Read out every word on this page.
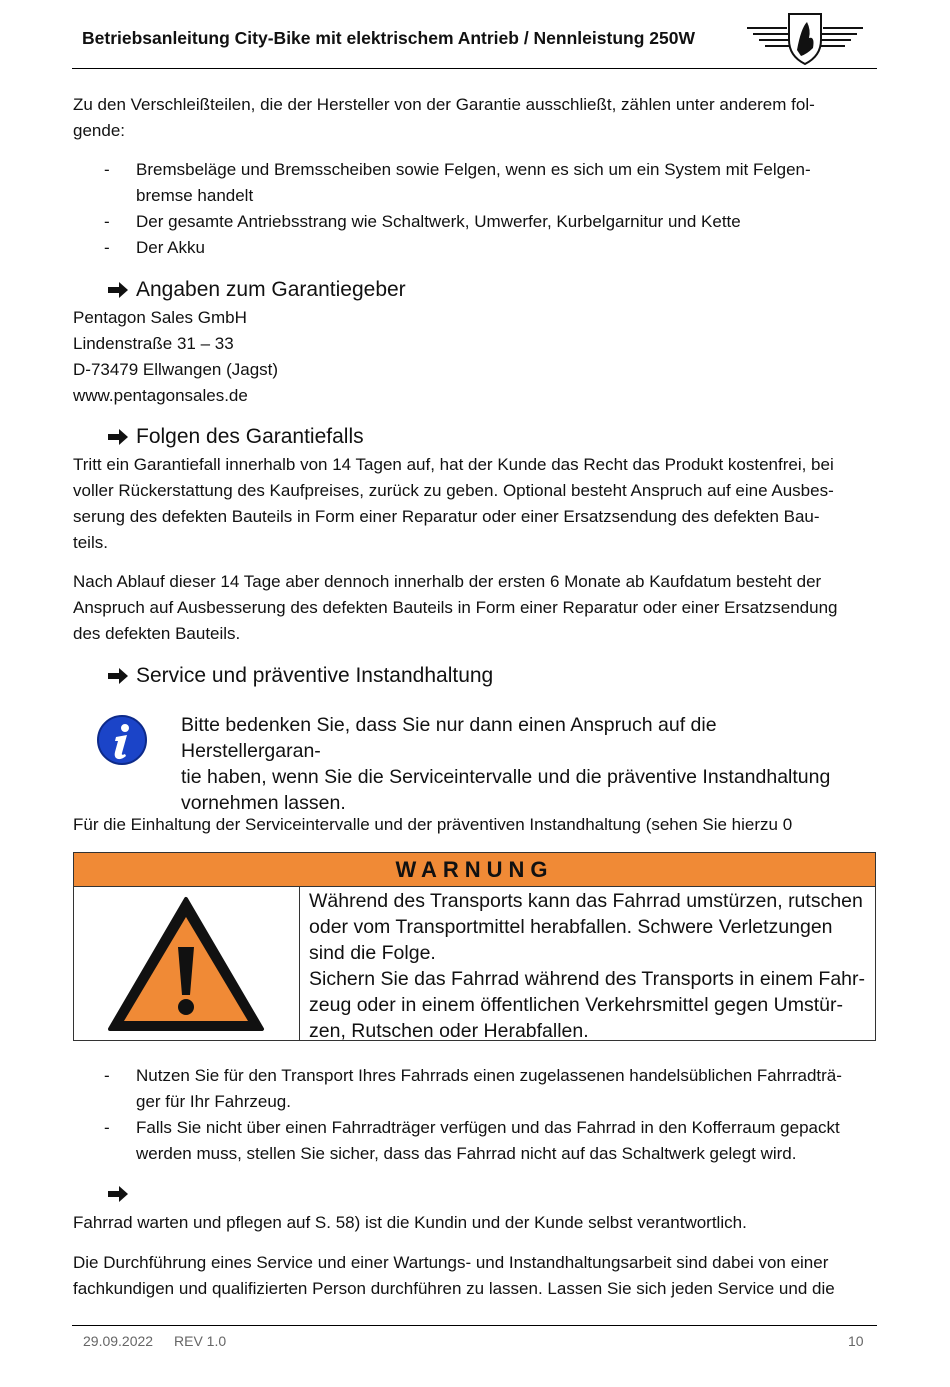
Betriebsanleitung City-Bike mit elektrischem Antrieb / Nennleistung 250W
Zu den Verschleißteilen, die der Hersteller von der Garantie ausschließt, zählen unter anderem fol-
gende:
- Bremsbeläge und Bremsscheiben sowie Felgen, wenn es sich um ein System mit Felgen-
bremse handelt
- Der gesamte Antriebsstrang wie Schaltwerk, Umwerfer, Kurbelgarnitur und Kette
- Der Akku
Angaben zum Garantiegeber
Pentagon Sales GmbH
Lindenstraße 31 – 33
D-73479 Ellwangen (Jagst)
www.pentagonsales.de
Folgen des Garantiefalls
Tritt ein Garantiefall innerhalb von 14 Tagen auf, hat der Kunde das Recht das Produkt kostenfrei, bei
voller Rückerstattung des Kaufpreises, zurück zu geben. Optional besteht Anspruch auf eine Ausbes-
serung des defekten Bauteils in Form einer Reparatur oder einer Ersatzsendung des defekten Bau-
teils.
Nach Ablauf dieser 14 Tage aber dennoch innerhalb der ersten 6 Monate ab Kaufdatum besteht der
Anspruch auf Ausbesserung des defekten Bauteils in Form einer Reparatur oder einer Ersatzsendung
des defekten Bauteils.
Service und präventive Instandhaltung
Bitte bedenken Sie, dass Sie nur dann einen Anspruch auf die Herstellergaran-
tie haben, wenn Sie die Serviceintervalle und die präventive Instandhaltung
vornehmen lassen.
Für die Einhaltung der Serviceintervalle und der präventiven Instandhaltung (sehen Sie hierzu 0
WARNUNG
Während des Transports kann das Fahrrad umstürzen, rutschen
oder vom Transportmittel herabfallen. Schwere Verletzungen
sind die Folge.
Sichern Sie das Fahrrad während des Transports in einem Fahr-
zeug oder in einem öffentlichen Verkehrsmittel gegen Umstür-
zen, Rutschen oder Herabfallen.
- Nutzen Sie für den Transport Ihres Fahrrads einen zugelassenen handelsüblichen Fahrradträ-
ger für Ihr Fahrzeug.
- Falls Sie nicht über einen Fahrradträger verfügen und das Fahrrad in den Kofferraum gepackt
werden muss, stellen Sie sicher, dass das Fahrrad nicht auf das Schaltwerk gelegt wird.
Fahrrad warten und pflegen auf S. 58) ist die Kundin und der Kunde selbst verantwortlich.
Die Durchführung eines Service und einer Wartungs- und Instandhaltungsarbeit sind dabei von einer
fachkundigen und qualifizierten Person durchführen zu lassen. Lassen Sie sich jeden Service und die
29.09.2022 REV 1.0	10
